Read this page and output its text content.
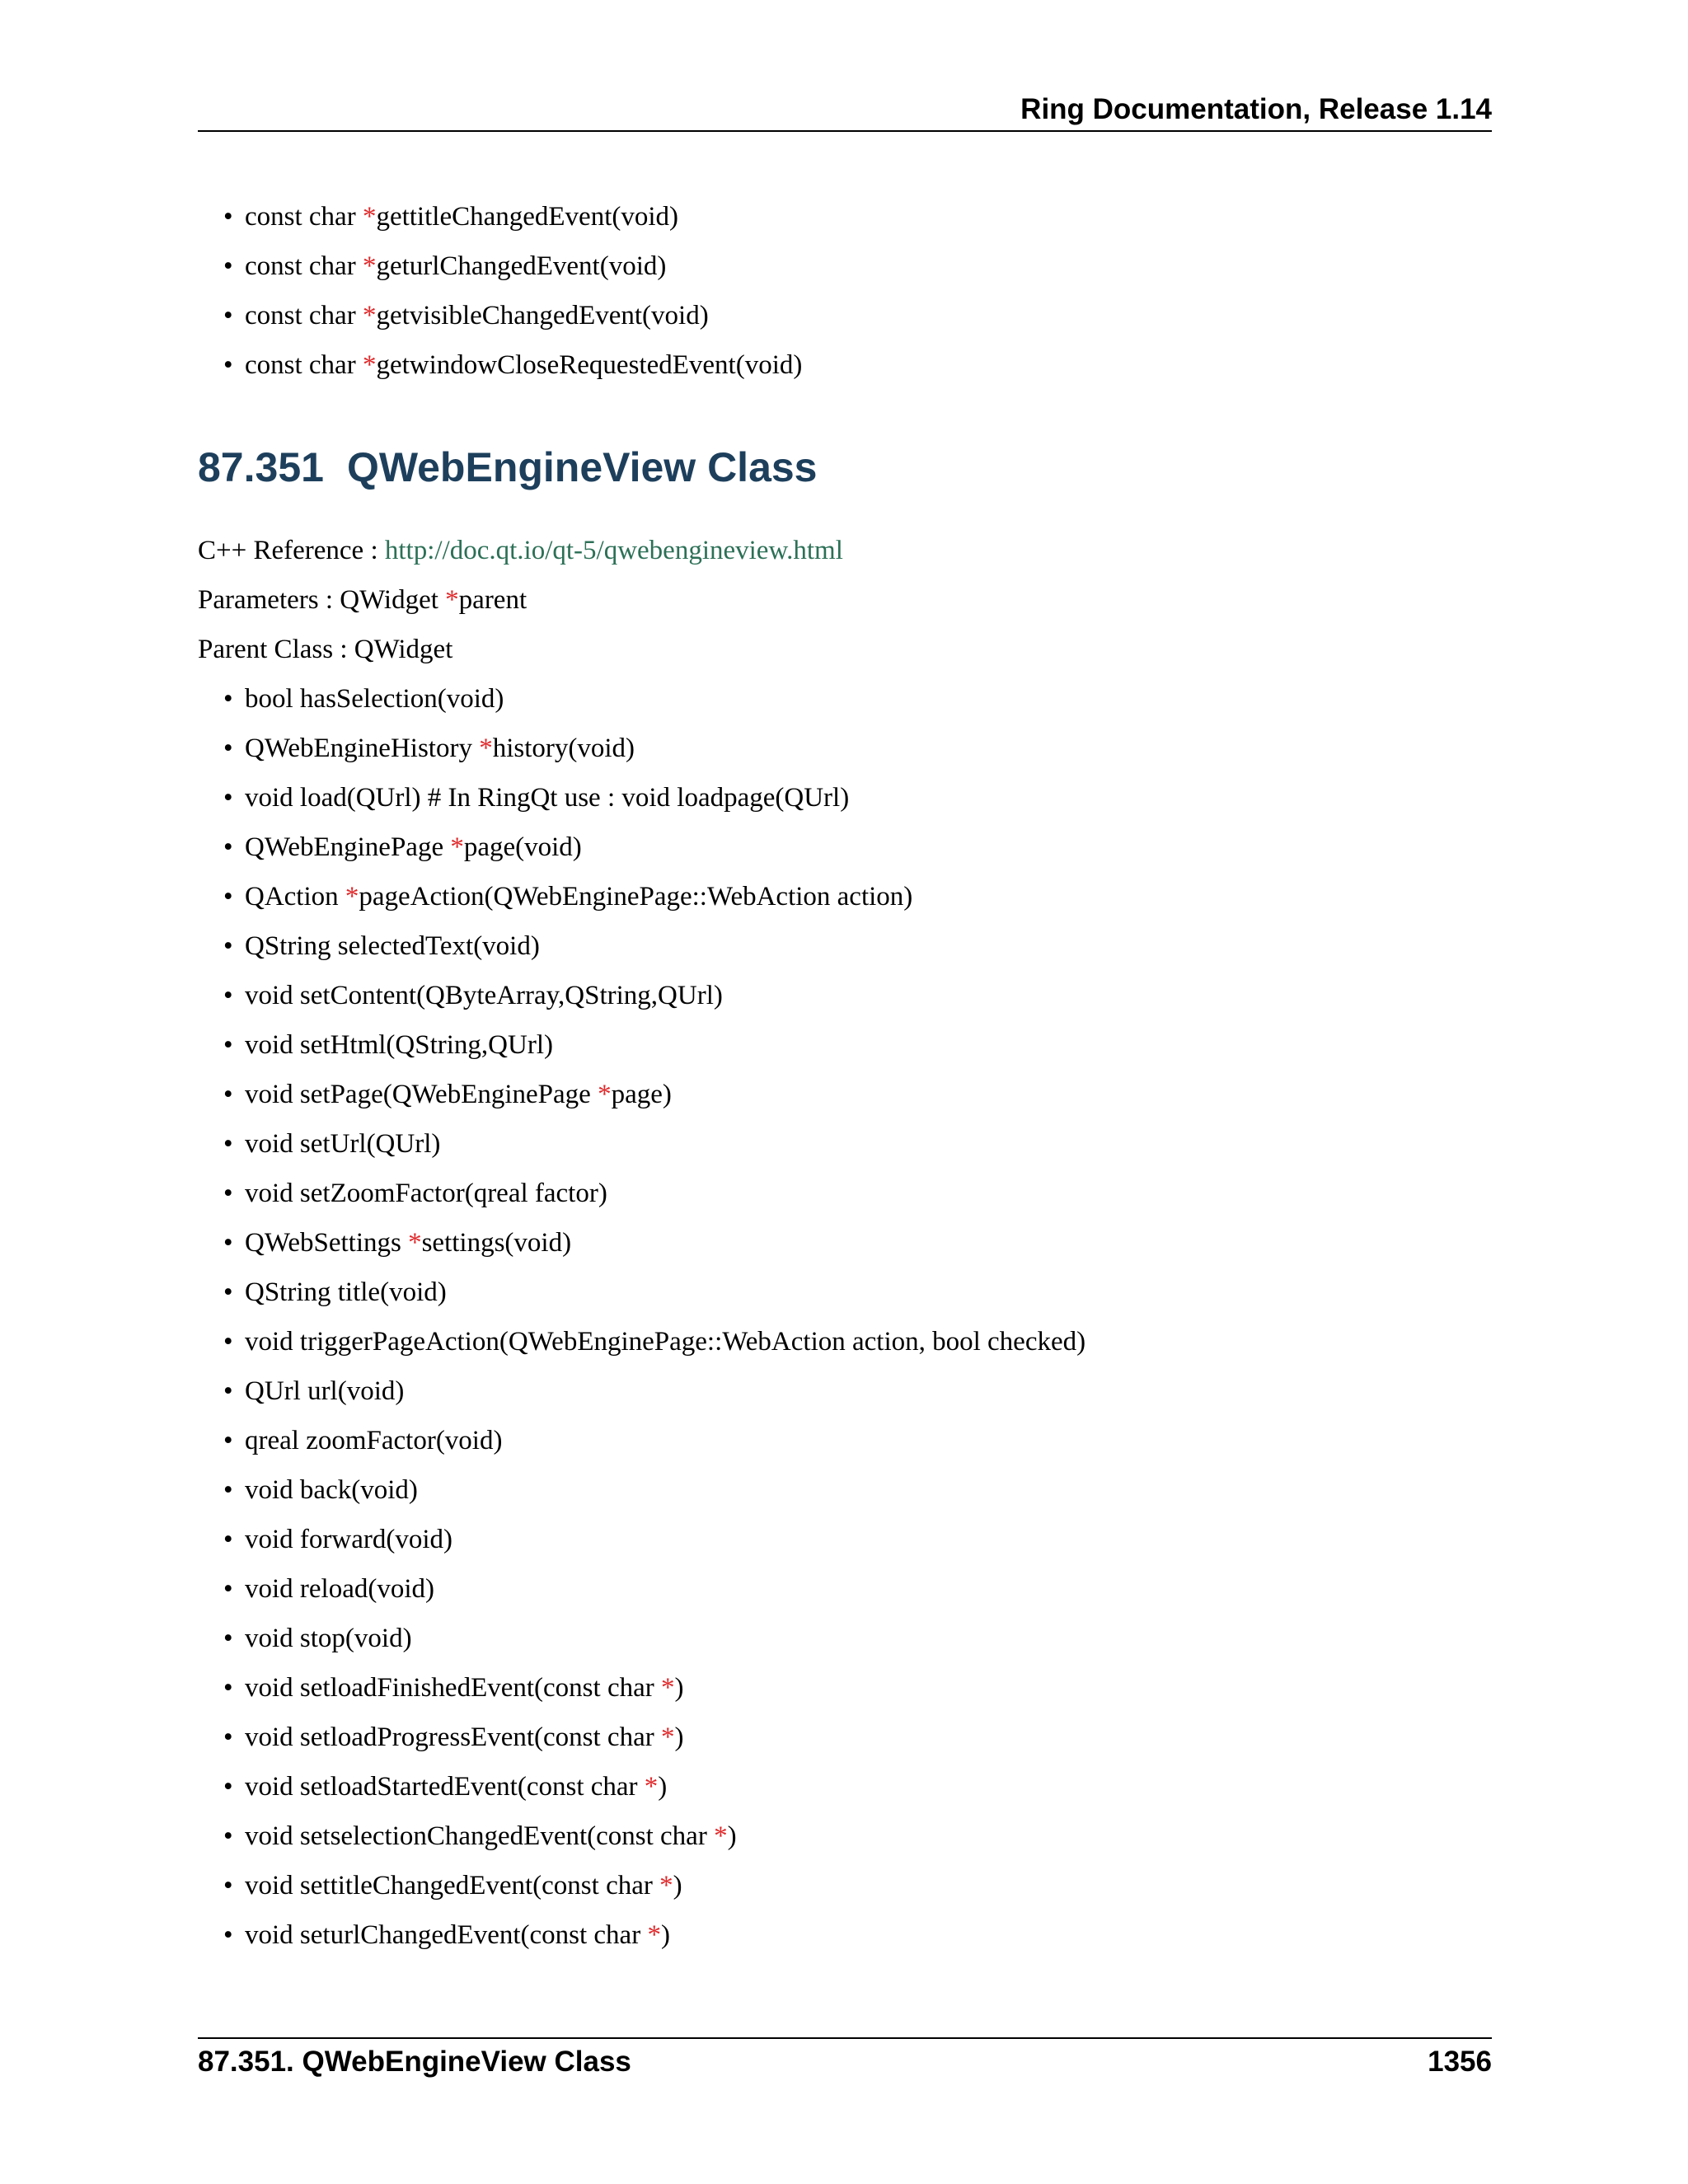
Ring Documentation, Release 1.14
• const char *gettitleChangedEvent(void)
• const char *geturlChangedEvent(void)
• const char *getvisibleChangedEvent(void)
• const char *getwindowCloseRequestedEvent(void)
87.351 QWebEngineView Class
C++ Reference : http://doc.qt.io/qt-5/qwebengineview.html
Parameters : QWidget *parent
Parent Class : QWidget
• bool hasSelection(void)
• QWebEngineHistory *history(void)
• void load(QUrl) # In RingQt use : void loadpage(QUrl)
• QWebEnginePage *page(void)
• QAction *pageAction(QWebEnginePage::WebAction action)
• QString selectedText(void)
• void setContent(QByteArray,QString,QUrl)
• void setHtml(QString,QUrl)
• void setPage(QWebEnginePage *page)
• void setUrl(QUrl)
• void setZoomFactor(qreal factor)
• QWebSettings *settings(void)
• QString title(void)
• void triggerPageAction(QWebEnginePage::WebAction action, bool checked)
• QUrl url(void)
• qreal zoomFactor(void)
• void back(void)
• void forward(void)
• void reload(void)
• void stop(void)
• void setloadFinishedEvent(const char *)
• void setloadProgressEvent(const char *)
• void setloadStartedEvent(const char *)
• void setselectionChangedEvent(const char *)
• void settitleChangedEvent(const char *)
• void seturlChangedEvent(const char *)
87.351. QWebEngineView Class	1356
